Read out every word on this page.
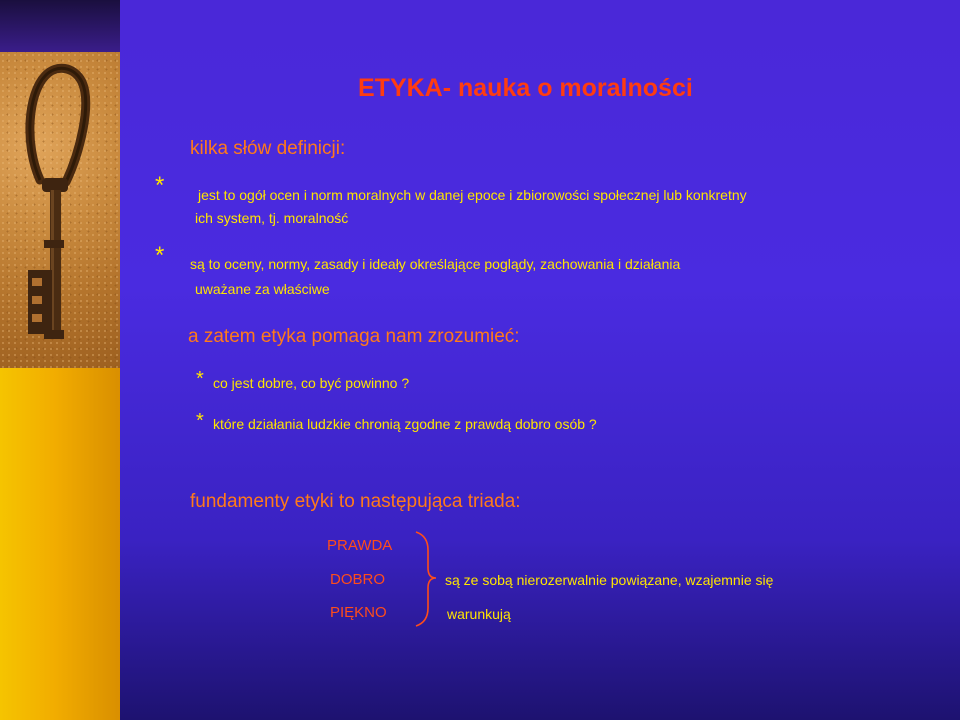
ETYKA- nauka o moralności
kilka słów definicji:
* jest to ogół ocen i norm moralnych w danej epoce i zbiorowości społecznej lub konkretny
ich system, tj. moralność
* są to oceny, normy, zasady i ideały określające poglądy, zachowania i działania
uważane za właściwe
a zatem etyka pomaga nam zrozumieć:
* co jest dobre, co być powinno ?
* które działania ludzkie chronią zgodne z prawdą dobro osób ?
fundamenty etyki to następująca triada:
PRAWDA
DOBRO
PIĘKNO
są ze sobą nierozerwalnie powiązane, wzajemnie się
warunkują
